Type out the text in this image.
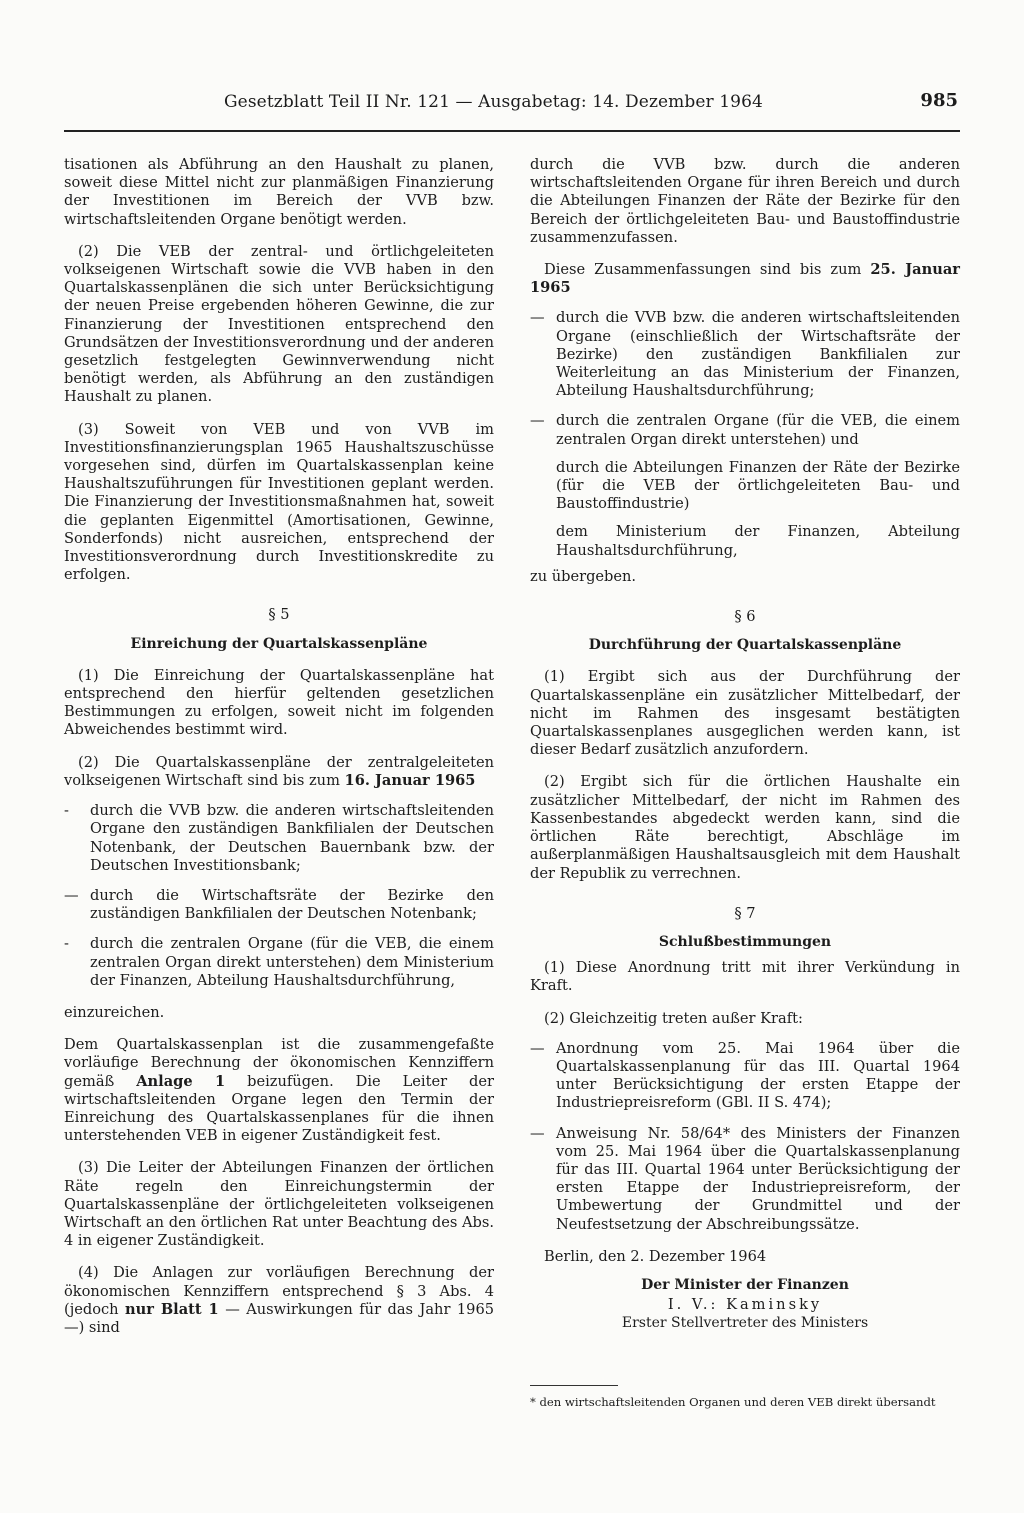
Gesetzblatt Teil II Nr. 121 — Ausgabetag: 14. Dezember 1964	985

tisationen als Abführung an den Haushalt zu planen, soweit diese Mittel nicht zur planmäßigen Finanzierung der Investitionen im Bereich der VVB bzw. wirtschaftsleitenden Organe benötigt werden.

(2) Die VEB der zentral- und örtlichgeleiteten volkseigenen Wirtschaft sowie die VVB haben in den Quartalskassenplänen die sich unter Berücksichtigung der neuen Preise ergebenden höheren Gewinne, die zur Finanzierung der Investitionen entsprechend den Grundsätzen der Investitionsverordnung und der anderen gesetzlich festgelegten Gewinnverwendung nicht benötigt werden, als Abführung an den zuständigen Haushalt zu planen.

(3) Soweit von VEB und von VVB im Investitionsfinanzierungsplan 1965 Haushaltszuschüsse vorgesehen sind, dürfen im Quartalskassenplan keine Haushaltszuführungen für Investitionen geplant werden. Die Finanzierung der Investitionsmaßnahmen hat, soweit die geplanten Eigenmittel (Amortisationen, Gewinne, Sonderfonds) nicht ausreichen, entsprechend der Investitionsverordnung durch Investitionskredite zu erfolgen.

§ 5
Einreichung der Quartalskassenpläne

(1) Die Einreichung der Quartalskassenpläne hat entsprechend den hierfür geltenden gesetzlichen Bestimmungen zu erfolgen, soweit nicht im folgenden Abweichendes bestimmt wird.

(2) Die Quartalskassenpläne der zentralgeleiteten volkseigenen Wirtschaft sind bis zum 16. Januar 1965

- durch die VVB bzw. die anderen wirtschaftsleitenden Organe den zuständigen Bankfilialen der Deutschen Notenbank, der Deutschen Bauernbank bzw. der Deutschen Investitionsbank;
— durch die Wirtschaftsräte der Bezirke den zuständigen Bankfilialen der Deutschen Notenbank;
- durch die zentralen Organe (für die VEB, die einem zentralen Organ direkt unterstehen) dem Ministerium der Finanzen, Abteilung Haushaltsdurchführung,

einzureichen.

Dem Quartalskassenplan ist die zusammengefaßte vorläufige Berechnung der ökonomischen Kennziffern gemäß Anlage 1 beizufügen. Die Leiter der wirtschaftsleitenden Organe legen den Termin der Einreichung des Quartalskassenplanes für die ihnen unterstehenden VEB in eigener Zuständigkeit fest.

(3) Die Leiter der Abteilungen Finanzen der örtlichen Räte regeln den Einreichungstermin der Quartalskassenpläne der örtlichgeleiteten volkseigenen Wirtschaft an den örtlichen Rat unter Beachtung des Abs. 4 in eigener Zuständigkeit.

(4) Die Anlagen zur vorläufigen Berechnung der ökonomischen Kennziffern entsprechend § 3 Abs. 4 (jedoch nur Blatt 1 — Auswirkungen für das Jahr 1965 —) sind

durch die VVB bzw. durch die anderen wirtschaftsleitenden Organe für ihren Bereich und durch die Abteilungen Finanzen der Räte der Bezirke für den Bereich der örtlichgeleiteten Bau- und Baustoffindustrie zusammenzufassen.

Diese Zusammenfassungen sind bis zum 25. Januar 1965

— durch die VVB bzw. die anderen wirtschaftsleitenden Organe (einschließlich der Wirtschaftsräte der Bezirke) den zuständigen Bankfilialen zur Weiterleitung an das Ministerium der Finanzen, Abteilung Haushaltsdurchführung;
— durch die zentralen Organe (für die VEB, die einem zentralen Organ direkt unterstehen) und
durch die Abteilungen Finanzen der Räte der Bezirke (für die VEB der örtlichgeleiteten Bau- und Baustoffindustrie)
dem Ministerium der Finanzen, Abteilung Haushaltsdurchführung,

zu übergeben.

§ 6
Durchführung der Quartalskassenpläne

(1) Ergibt sich aus der Durchführung der Quartalskassenpläne ein zusätzlicher Mittelbedarf, der nicht im Rahmen des insgesamt bestätigten Quartalskassenplanes ausgeglichen werden kann, ist dieser Bedarf zusätzlich anzufordern.

(2) Ergibt sich für die örtlichen Haushalte ein zusätzlicher Mittelbedarf, der nicht im Rahmen des Kassenbestandes abgedeckt werden kann, sind die örtlichen Räte berechtigt, Abschläge im außerplanmäßigen Haushaltsausgleich mit dem Haushalt der Republik zu verrechnen.

§ 7
Schlußbestimmungen

(1) Diese Anordnung tritt mit ihrer Verkündung in Kraft.

(2) Gleichzeitig treten außer Kraft:

— Anordnung vom 25. Mai 1964 über die Quartalskassenplanung für das III. Quartal 1964 unter Berücksichtigung der ersten Etappe der Industriepreisreform (GBl. II S. 474);
— Anweisung Nr. 58/64* des Ministers der Finanzen vom 25. Mai 1964 über die Quartalskassenplanung für das III. Quartal 1964 unter Berücksichtigung der ersten Etappe der Industriepreisreform, der Umbewertung der Grundmittel und der Neufestsetzung der Abschreibungssätze.

Berlin, den 2. Dezember 1964

Der Minister der Finanzen
I. V.: Kaminsky
Erster Stellvertreter des Ministers
* den wirtschaftsleitenden Organen und deren VEB direkt übersandt
